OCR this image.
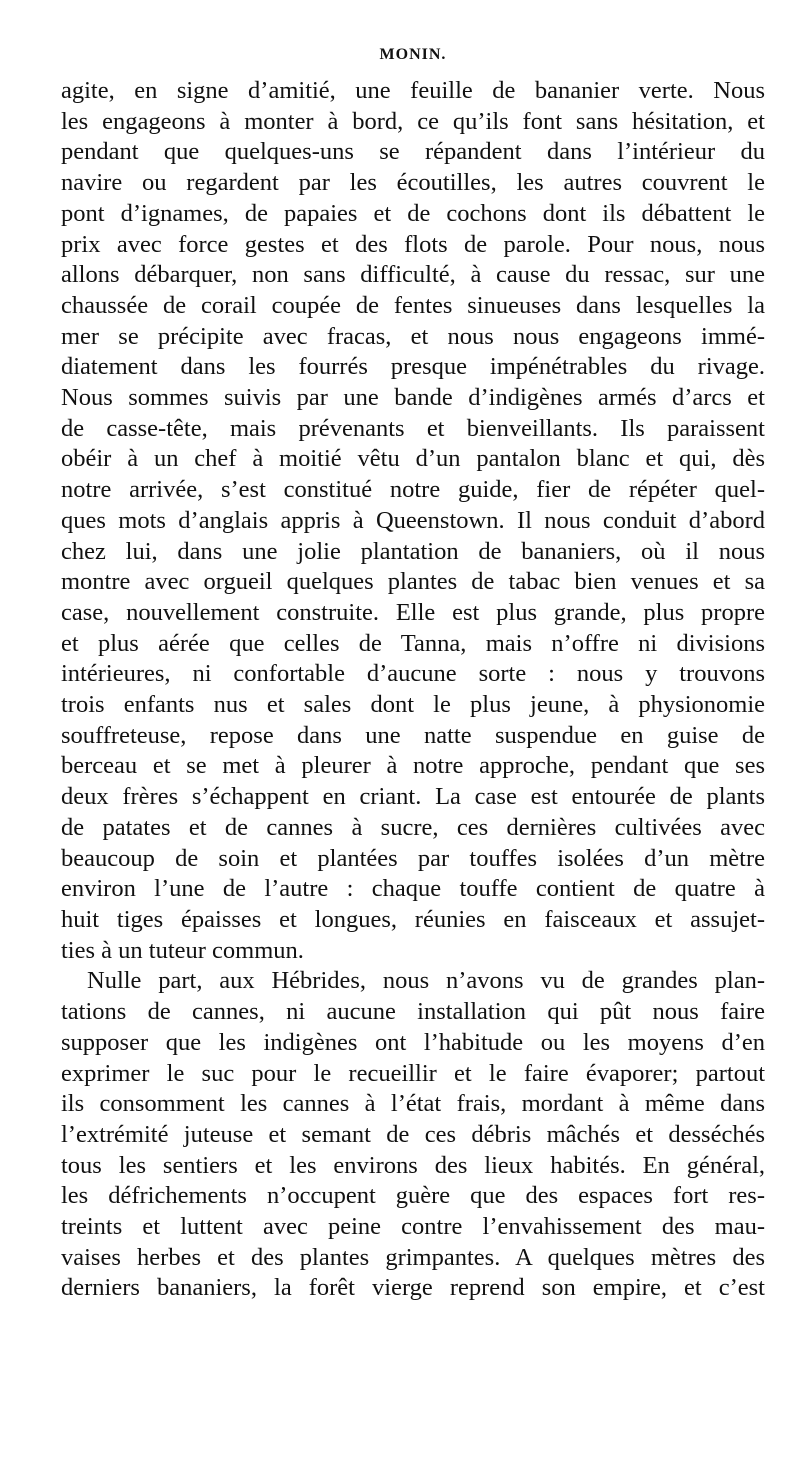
MONIN.
agite, en signe d’amitié, une feuille de bananier verte. Nous
les engageons à monter à bord, ce qu’ils font sans hésitation, et
pendant que quelques-uns se répandent dans l’intérieur du
navire ou regardent par les écoutilles, les autres couvrent le
pont d’ignames, de papaies et de cochons dont ils débattent le
prix avec force gestes et des flots de parole. Pour nous, nous
allons débarquer, non sans difficulté, à cause du ressac, sur une
chaussée de corail coupée de fentes sinueuses dans lesquelles la
mer se précipite avec fracas, et nous nous engageons immé-
diatement dans les fourrés presque impénétrables du rivage.
Nous sommes suivis par une bande d’indigènes armés d’arcs et
de casse-tête, mais prévenants et bienveillants. Ils paraissent
obéir à un chef à moitié vêtu d’un pantalon blanc et qui, dès
notre arrivée, s’est constitué notre guide, fier de répéter quel-
ques mots d’anglais appris à Queenstown. Il nous conduit d’abord
chez lui, dans une jolie plantation de bananiers, où il nous
montre avec orgueil quelques plantes de tabac bien venues et sa
case, nouvellement construite. Elle est plus grande, plus propre
et plus aérée que celles de Tanna, mais n’offre ni divisions
intérieures, ni confortable d’aucune sorte : nous y trouvons
trois enfants nus et sales dont le plus jeune, à physionomie
souffreteuse, repose dans une natte suspendue en guise de
berceau et se met à pleurer à notre approche, pendant que ses
deux frères s’échappent en criant. La case est entourée de plants
de patates et de cannes à sucre, ces dernières cultivées avec
beaucoup de soin et plantées par touffes isolées d’un mètre
environ l’une de l’autre : chaque touffe contient de quatre à
huit tiges épaisses et longues, réunies en faisceaux et assujet-
ties à un tuteur commun.
Nulle part, aux Hébrides, nous n’avons vu de grandes plan-
tations de cannes, ni aucune installation qui pût nous faire
supposer que les indigènes ont l’habitude ou les moyens d’en
exprimer le suc pour le recueillir et le faire évaporer; partout
ils consomment les cannes à l’état frais, mordant à même dans
l’extrémité juteuse et semant de ces débris mâchés et desséchés
tous les sentiers et les environs des lieux habités. En général,
les défrichements n’occupent guère que des espaces fort res-
treints et luttent avec peine contre l’envahissement des mau-
vaises herbes et des plantes grimpantes. A quelques mètres des
derniers bananiers, la forêt vierge reprend son empire, et c’est
